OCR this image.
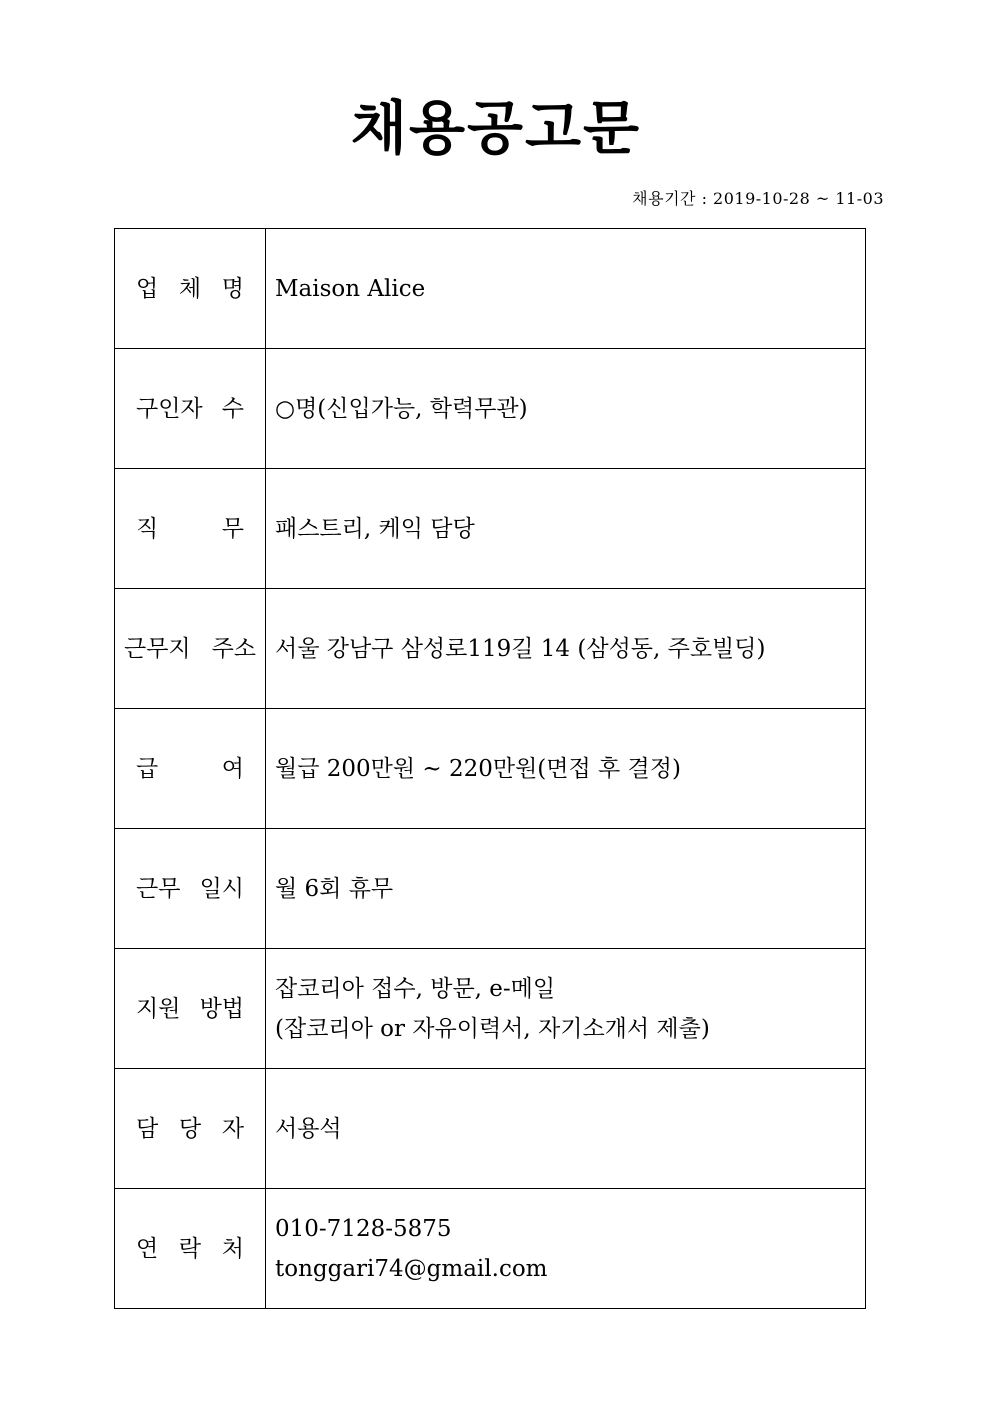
채용공고문
채용기간 : 2019-10-28 ~ 11-03
업 체 명	Maison Alice

구인자 수	○명(신입가능, 학력무관)

직 무	패스트리, 케익 담당

근무지 주소	서울 강남구 삼성로119길 14 (삼성동, 주호빌딩)

급 여	월급 200만원 ~ 220만원(면접 후 결정)

근무 일시	월 6회 휴무

지원 방법	잡코리아 접수, 방문, e-메일
(잡코리아 or 자유이력서, 자기소개서 제출)

담 당 자	서용석

연 락 처	010-7128-5875
tonggari74@gmail.com
